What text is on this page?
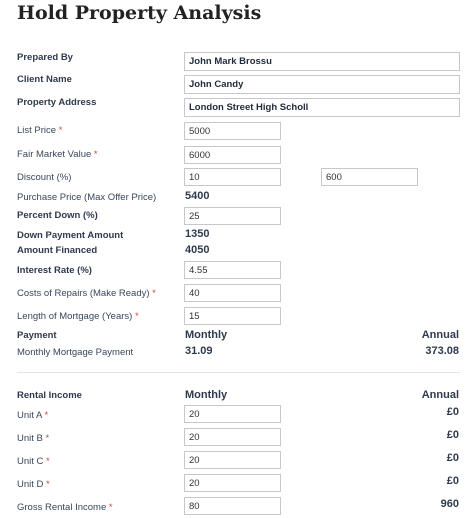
Hold Property Analysis
Prepared By	John Mark Brossu
Client Name	John Candy
Property Address	London Street High Scholl
List Price *	5000
Fair Market Value *	6000
Discount (%)	10	600
Purchase Price (Max Offer Price)	5400
Percent Down (%)	25
Down Payment Amount	1350
Amount Financed	4050
Interest Rate (%)	4.55
Costs of Repairs (Make Ready) *	40
Length of Mortgage (Years) *	15
Payment	Monthly	Annual
Monthly Mortgage Payment	31.09	373.08
Rental Income	Monthly	Annual
Unit A *	20	£0
Unit B *	20	£0
Unit C *	20	£0
Unit D *	20	£0
Gross Rental Income *	80	960
